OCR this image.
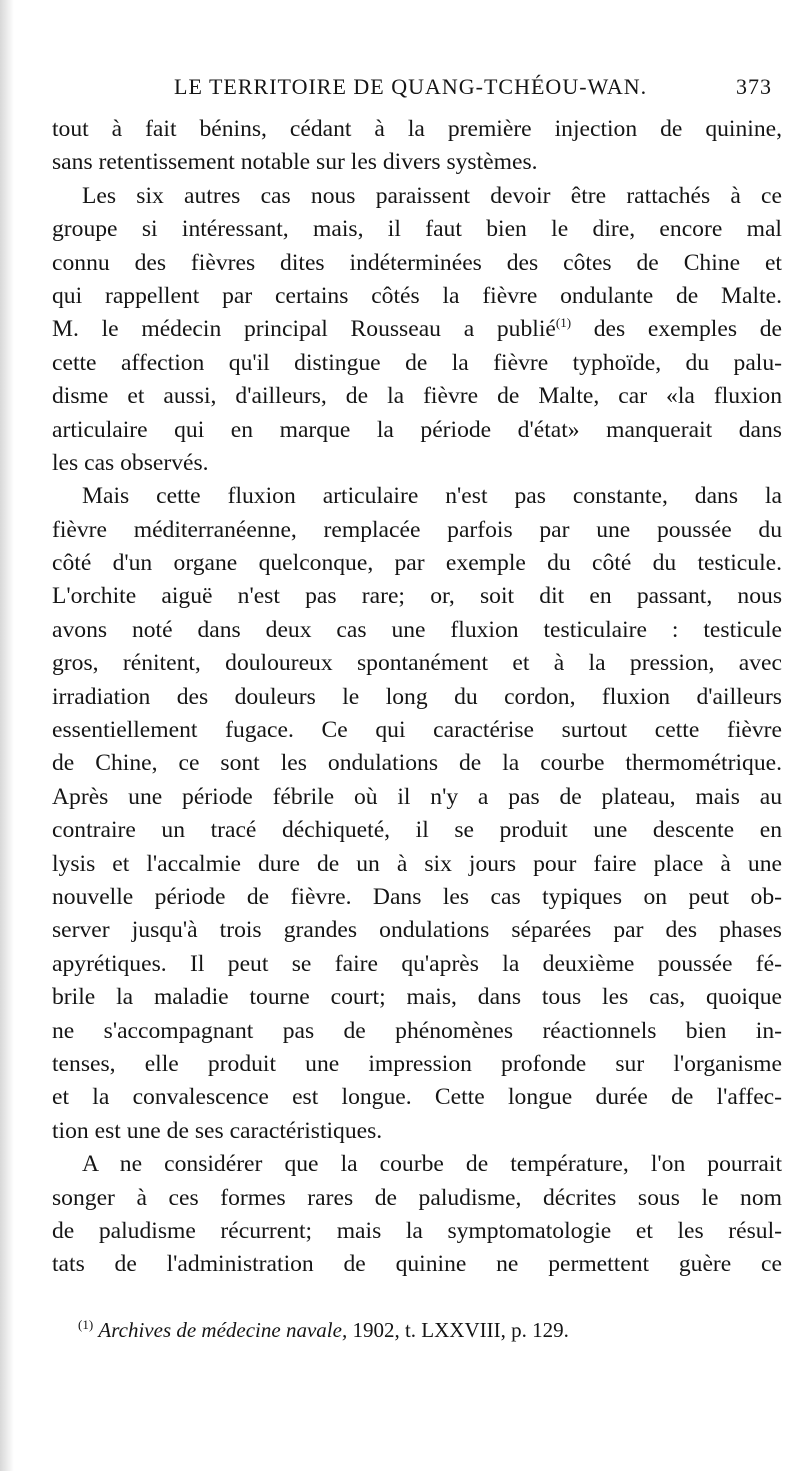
LE TERRITOIRE DE QUANG-TCHÉOU-WAN.	373
tout à fait bénins, cédant à la première injection de quinine,
sans retentissement notable sur les divers systèmes.
Les six autres cas nous paraissent devoir être rattachés à ce
groupe si intéressant, mais, il faut bien le dire, encore mal
connu des fièvres dites indéterminées des côtes de Chine et
qui rappellent par certains côtés la fièvre ondulante de Malte.
M. le médecin principal Rousseau a publié$^{(1)}$ des exemples de
cette affection qu'il distingue de la fièvre typhoïde, du palu-
disme et aussi, d'ailleurs, de la fièvre de Malte, car «la fluxion
articulaire qui en marque la période d'état» manquerait dans
les cas observés.
Mais cette fluxion articulaire n'est pas constante, dans la
fièvre méditerranéenne, remplacée parfois par une poussée du
côté d'un organe quelconque, par exemple du côté du testicule.
L'orchite aiguë n'est pas rare; or, soit dit en passant, nous
avons noté dans deux cas une fluxion testiculaire : testicule
gros, rénitent, douloureux spontanément et à la pression, avec
irradiation des douleurs le long du cordon, fluxion d'ailleurs
essentiellement fugace. Ce qui caractérise surtout cette fièvre
de Chine, ce sont les ondulations de la courbe thermométrique.
Après une période fébrile où il n'y a pas de plateau, mais au
contraire un tracé déchiqueté, il se produit une descente en
lysis et l'accalmie dure de un à six jours pour faire place à une
nouvelle période de fièvre. Dans les cas typiques on peut ob-
server jusqu'à trois grandes ondulations séparées par des phases
apyrétiques. Il peut se faire qu'après la deuxième poussée fé-
brile la maladie tourne court; mais, dans tous les cas, quoique
ne s'accompagnant pas de phénomènes réactionnels bien in-
tenses, elle produit une impression profonde sur l'organisme
et la convalescence est longue. Cette longue durée de l'affec-
tion est une de ses caractéristiques.
A ne considérer que la courbe de température, l'on pourrait
songer à ces formes rares de paludisme, décrites sous le nom
de paludisme récurrent; mais la symptomatologie et les résul-
tats de l'administration de quinine ne permettent guère ce
$^{(1)}$ Archives de médecine navale, 1902, t. LXXVIII, p. 129.
